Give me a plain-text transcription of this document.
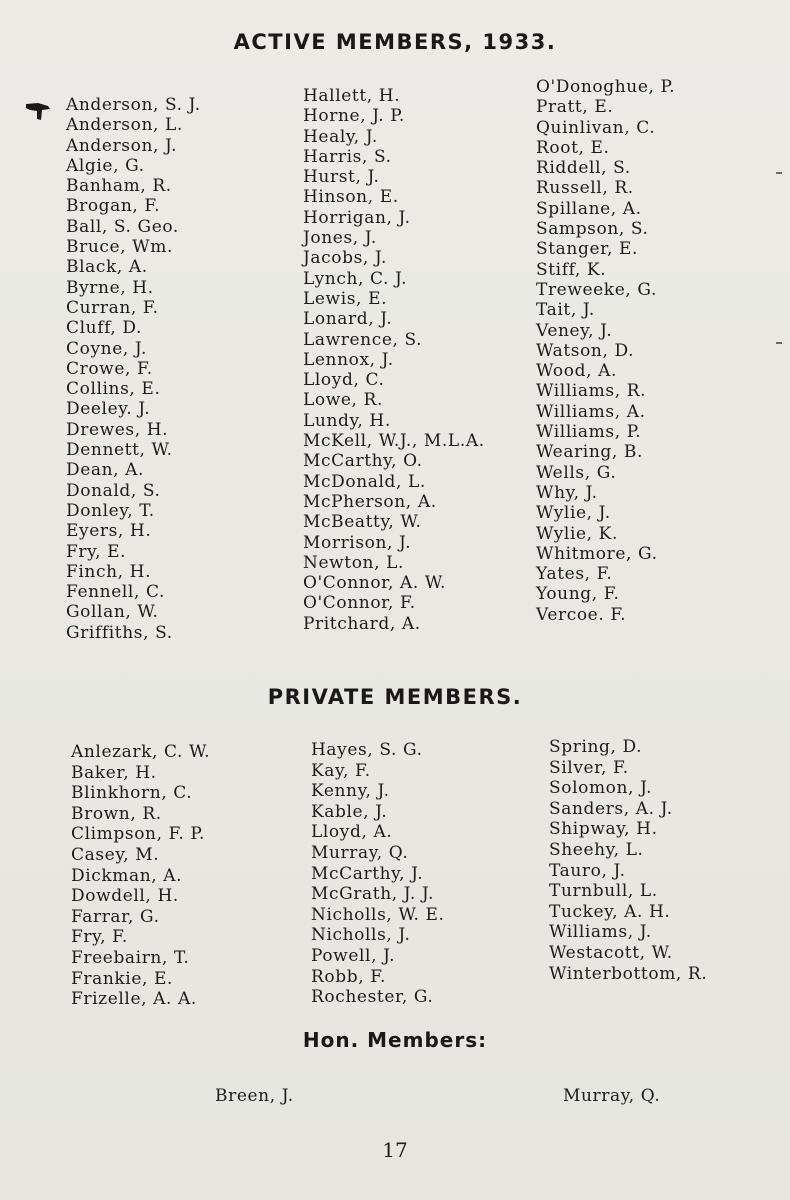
ACTIVE MEMBERS, 1933.
Anderson, S. J.
Anderson, L.
Anderson, J.
Algie, G.
Banham, R.
Brogan, F.
Ball, S. Geo.
Bruce, Wm.
Black, A.
Byrne, H.
Curran, F.
Cluff, D.
Coyne, J.
Crowe, F.
Collins, E.
Deeley. J.
Drewes, H.
Dennett, W.
Dean, A.
Donald, S.
Donley, T.
Eyers, H.
Fry, E.
Finch, H.
Fennell, C.
Gollan, W.
Griffiths, S.
Hallett, H.
Horne, J. P.
Healy, J.
Harris, S.
Hurst, J.
Hinson, E.
Horrigan, J.
Jones, J.
Jacobs, J.
Lynch, C. J.
Lewis, E.
Lonard, J.
Lawrence, S.
Lennox, J.
Lloyd, C.
Lowe, R.
Lundy, H.
McKell, W.J., M.L.A.
McCarthy, O.
McDonald, L.
McPherson, A.
McBeatty, W.
Morrison, J.
Newton, L.
O'Connor, A. W.
O'Connor, F.
Pritchard, A.
O'Donoghue, P.
Pratt, E.
Quinlivan, C.
Root, E.
Riddell, S.
Russell, R.
Spillane, A.
Sampson, S.
Stanger, E.
Stiff, K.
Treweeke, G.
Tait, J.
Veney, J.
Watson, D.
Wood, A.
Williams, R.
Williams, A.
Williams, P.
Wearing, B.
Wells, G.
Why, J.
Wylie, J.
Wylie, K.
Whitmore, G.
Yates, F.
Young, F.
Vercoe. F.
PRIVATE MEMBERS.
Anlezark, C. W.
Baker, H.
Blinkhorn, C.
Brown, R.
Climpson, F. P.
Casey, M.
Dickman, A.
Dowdell, H.
Farrar, G.
Fry, F.
Freebairn, T.
Frankie, E.
Frizelle, A. A.
Hayes, S. G.
Kay, F.
Kenny, J.
Kable, J.
Lloyd, A.
Murray, Q.
McCarthy, J.
McGrath, J. J.
Nicholls, W. E.
Nicholls, J.
Powell, J.
Robb, F.
Rochester, G.
Spring, D.
Silver, F.
Solomon, J.
Sanders, A. J.
Shipway, H.
Sheehy, L.
Tauro, J.
Turnbull, L.
Tuckey, A. H.
Williams, J.
Westacott, W.
Winterbottom, R.
Hon. Members:
Breen, J.	Murray, Q.
17
